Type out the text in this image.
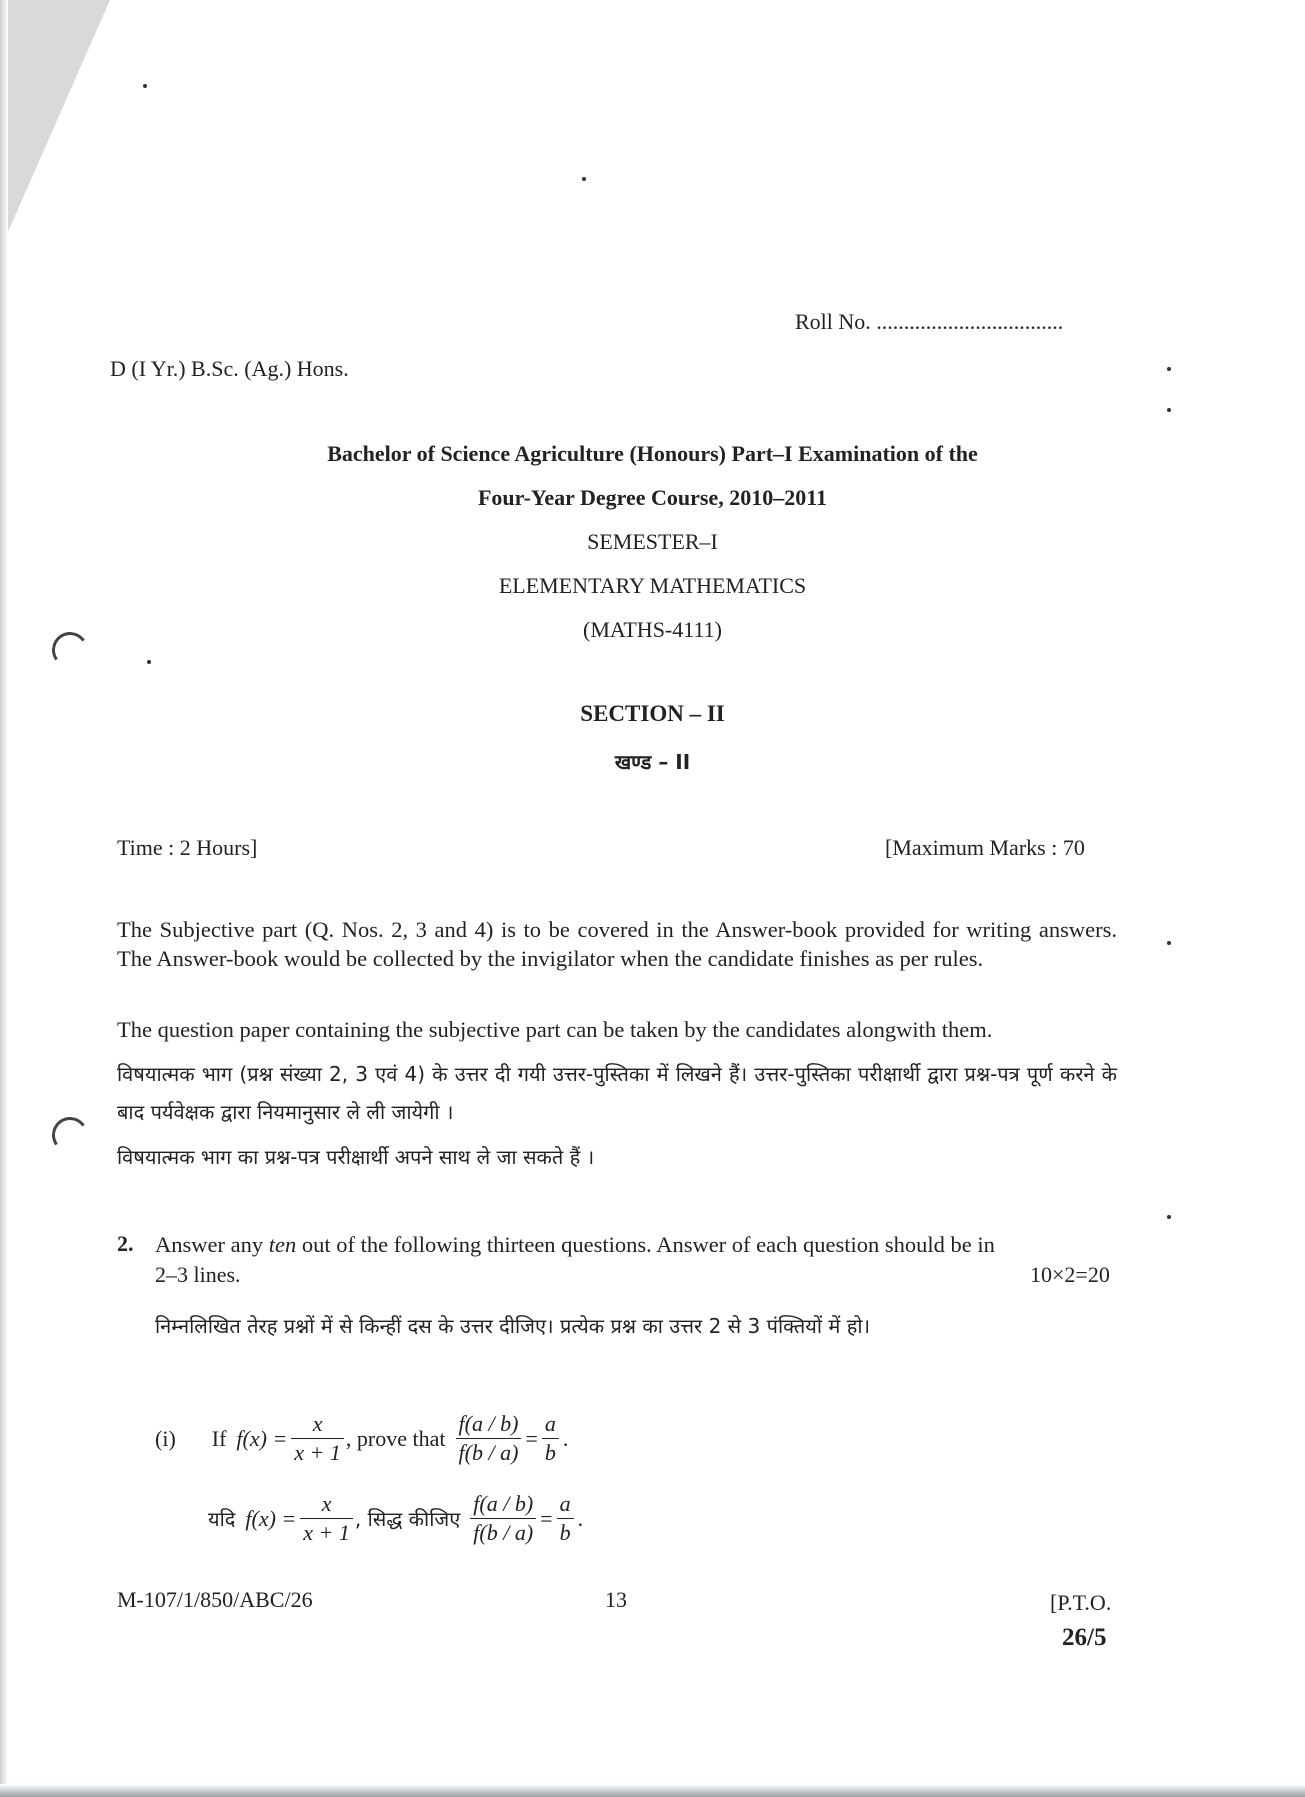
Roll No. ..................................
D (I Yr.) B.Sc. (Ag.) Hons.
Bachelor of Science Agriculture (Honours) Part–I Examination of the
Four-Year Degree Course, 2010–2011
SEMESTER–I
ELEMENTARY MATHEMATICS
(MATHS-4111)
SECTION – II
खण्ड – II
Time : 2 Hours]	[Maximum Marks : 70
The Subjective part (Q. Nos. 2, 3 and 4) is to be covered in the Answer-book provided for writing answers. The Answer-book would be collected by the invigilator when the candidate finishes as per rules.
The question paper containing the subjective part can be taken by the candidates alongwith them.
विषयात्मक भाग (प्रश्न संख्या 2, 3 एवं 4) के उत्तर दी गयी उत्तर-पुस्तिका में लिखने हैं। उत्तर-पुस्तिका परीक्षार्थी द्वारा प्रश्न-पत्र पूर्ण करने के बाद पर्यवेक्षक द्वारा नियमानुसार ले ली जायेगी ।
विषयात्मक भाग का प्रश्न-पत्र परीक्षार्थी अपने साथ ले जा सकते हैं ।
2. Answer any ten out of the following thirteen questions. Answer of each question should be in
2–3 lines.	10×2=20
निम्नलिखित तेरह प्रश्नों में से किन्हीं दस के उत्तर दीजिए। प्रत्येक प्रश्न का उत्तर 2 से 3 पंक्तियों में हो।
(i) If $f(x) = \frac{x}{x + 1}$ , prove that $\frac{f(a / b)}{f(b / a)} = \frac{a}{b}$ .
यदि $f(x) = \frac{x}{x + 1}$ , सिद्ध कीजिए $\frac{f(a / b)}{f(b / a)} = \frac{a}{b}$ .
M-107/1/850/ABC/26	13	[P.T.O.
26/5
